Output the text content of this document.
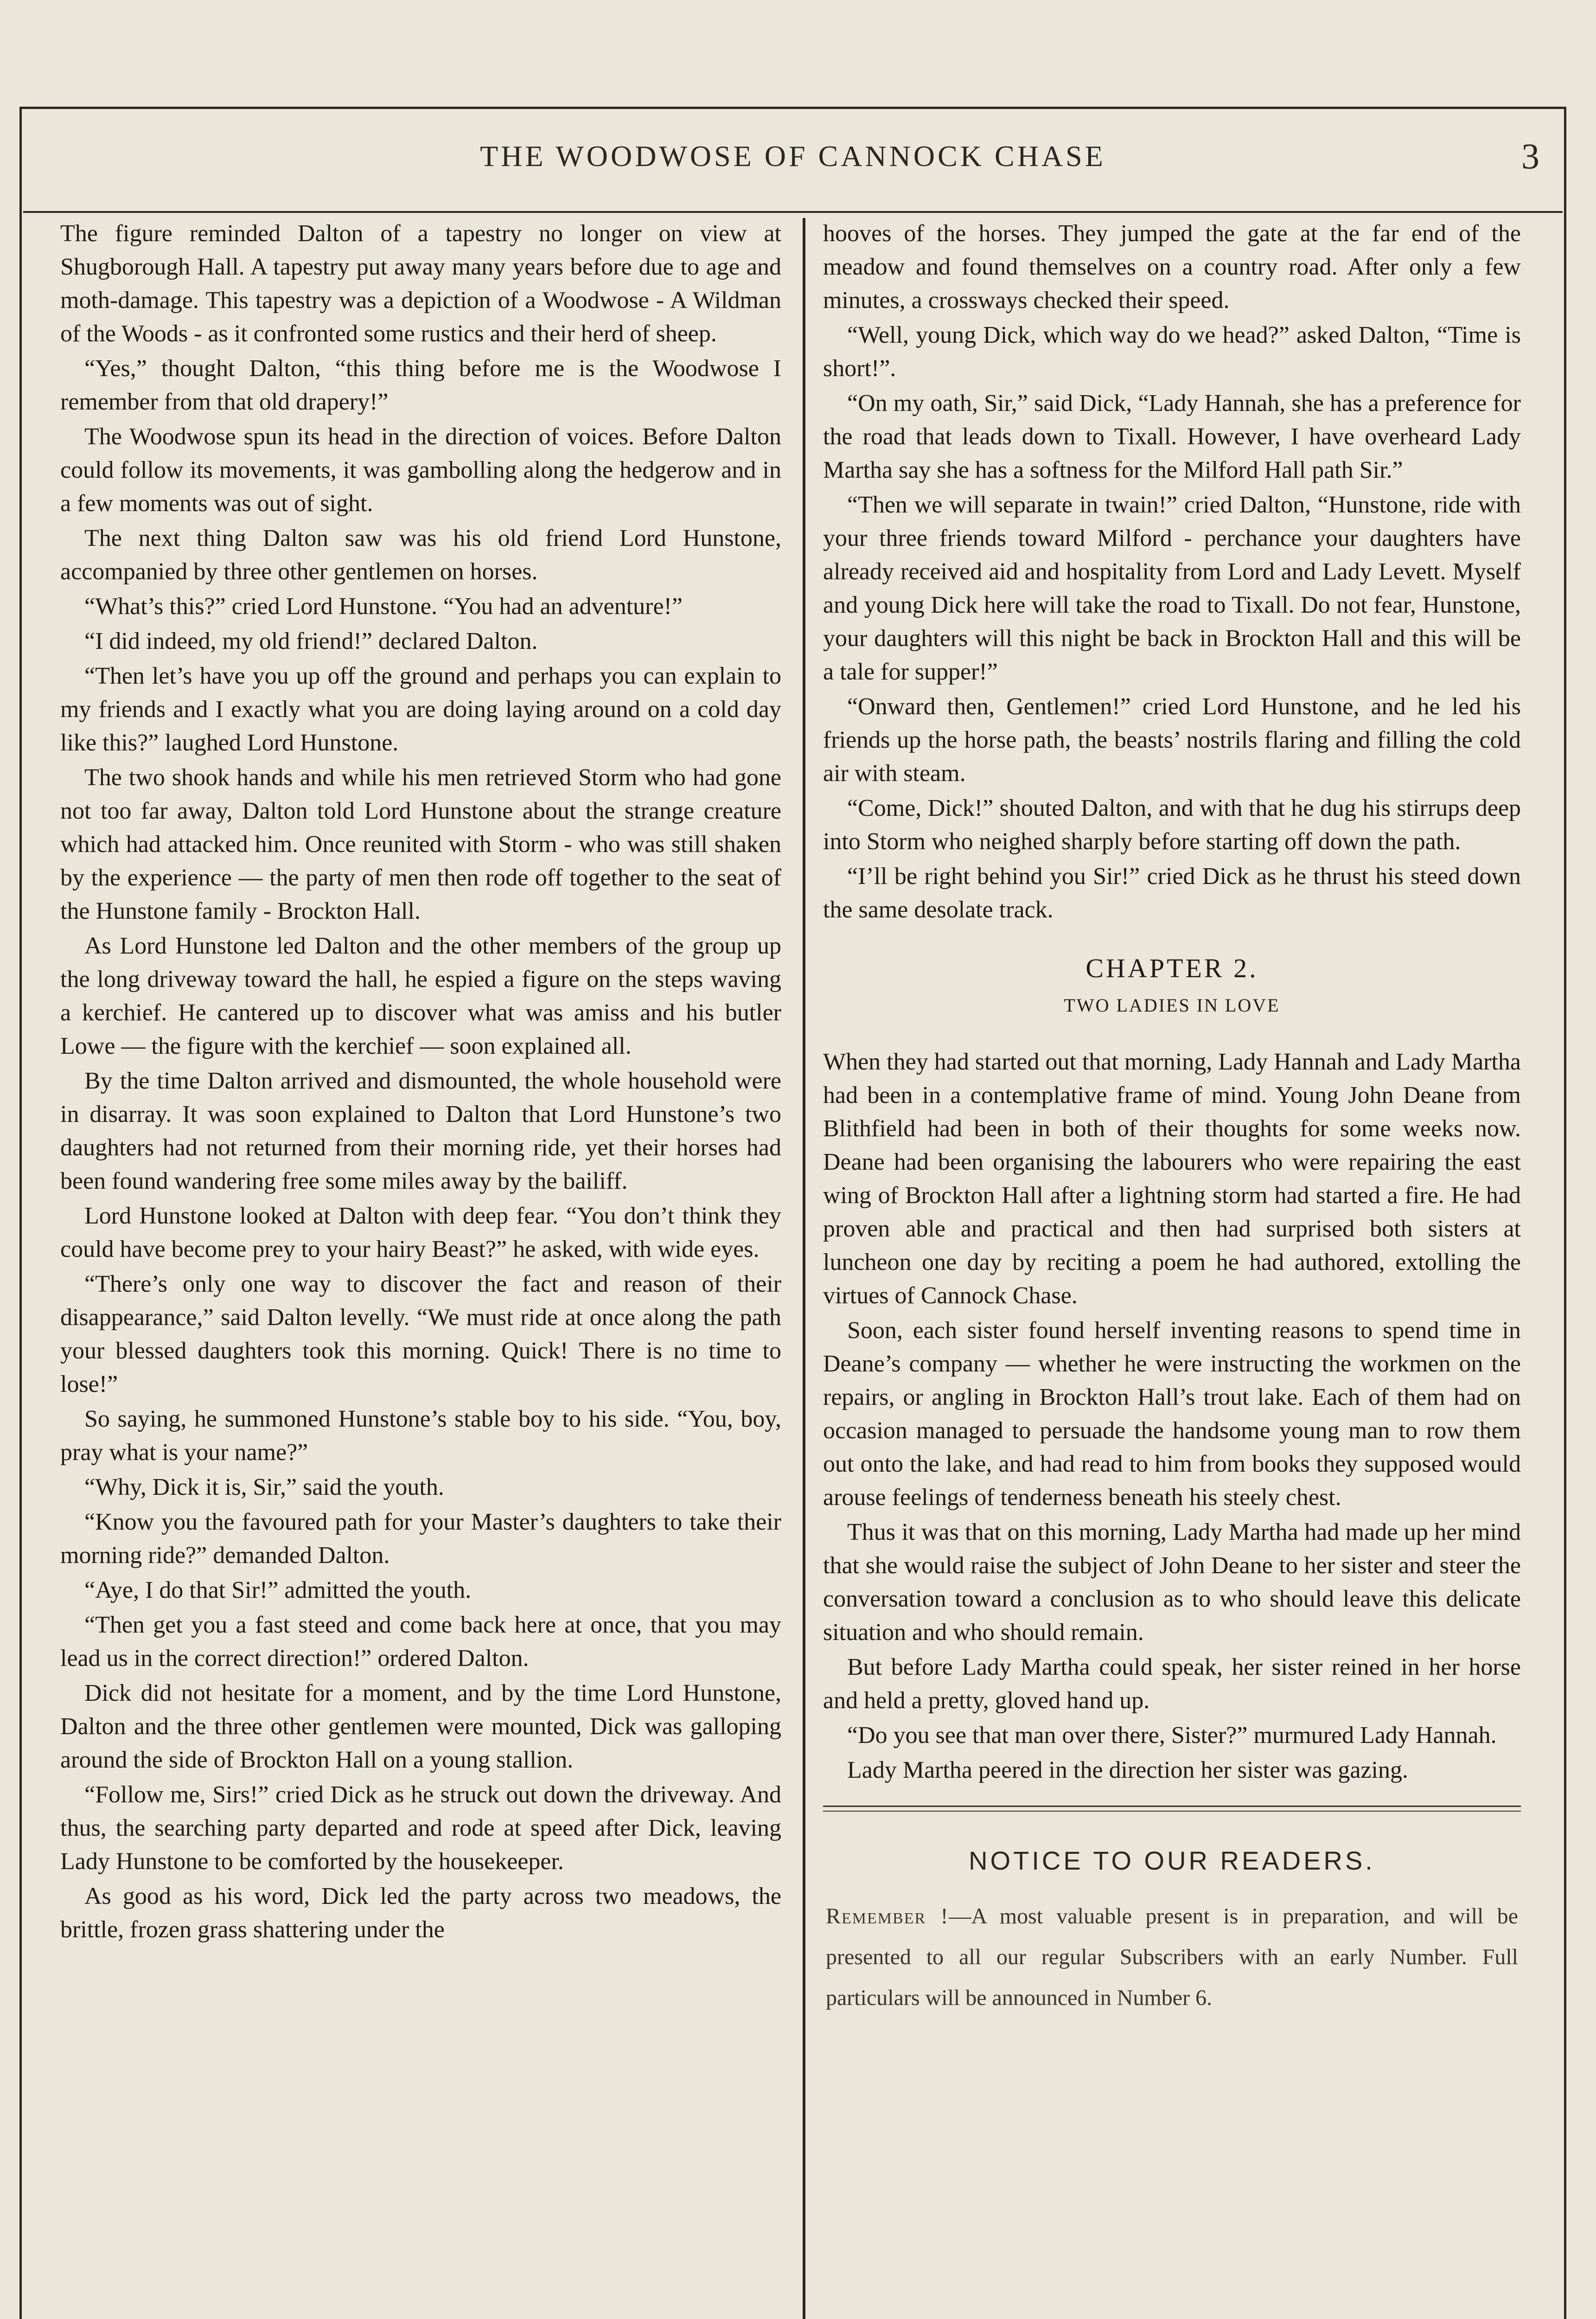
THE WOODWOSE OF CANNOCK CHASE	3

The figure reminded Dalton of a tapestry no longer on view at Shugborough Hall. A tapestry put away many years before due to age and moth-damage. This tapestry was a depiction of a Woodwose - A Wildman of the Woods - as it confronted some rustics and their herd of sheep.

“Yes,” thought Dalton, “this thing before me is the Woodwose I remember from that old drapery!”

The Woodwose spun its head in the direction of voices. Before Dalton could follow its movements, it was gambolling along the hedgerow and in a few moments was out of sight.

The next thing Dalton saw was his old friend Lord Hunstone, accompanied by three other gentlemen on horses.

“What’s this?” cried Lord Hunstone. “You had an adventure!”

“I did indeed, my old friend!” declared Dalton.

“Then let’s have you up off the ground and perhaps you can explain to my friends and I exactly what you are doing laying around on a cold day like this?” laughed Lord Hunstone.

The two shook hands and while his men retrieved Storm who had gone not too far away, Dalton told Lord Hunstone about the strange creature which had attacked him. Once reunited with Storm - who was still shaken by the experience — the party of men then rode off together to the seat of the Hunstone family - Brockton Hall.

As Lord Hunstone led Dalton and the other members of the group up the long driveway toward the hall, he espied a figure on the steps waving a kerchief. He cantered up to discover what was amiss and his butler Lowe — the figure with the kerchief — soon explained all.

By the time Dalton arrived and dismounted, the whole household were in disarray. It was soon explained to Dalton that Lord Hunstone’s two daughters had not returned from their morning ride, yet their horses had been found wandering free some miles away by the bailiff.

Lord Hunstone looked at Dalton with deep fear. “You don’t think they could have become prey to your hairy Beast?” he asked, with wide eyes.

“There’s only one way to discover the fact and reason of their disappearance,” said Dalton levelly. “We must ride at once along the path your blessed daughters took this morning. Quick! There is no time to lose!”

So saying, he summoned Hunstone’s stable boy to his side. “You, boy, pray what is your name?”

“Why, Dick it is, Sir,” said the youth.

“Know you the favoured path for your Master’s daughters to take their morning ride?” demanded Dalton.

“Aye, I do that Sir!” admitted the youth.

“Then get you a fast steed and come back here at once, that you may lead us in the correct direction!” ordered Dalton.

Dick did not hesitate for a moment, and by the time Lord Hunstone, Dalton and the three other gentlemen were mounted, Dick was galloping around the side of Brockton Hall on a young stallion.

“Follow me, Sirs!” cried Dick as he struck out down the driveway. And thus, the searching party departed and rode at speed after Dick, leaving Lady Hunstone to be comforted by the housekeeper.

As good as his word, Dick led the party across two meadows, the brittle, frozen grass shattering under the

hooves of the horses. They jumped the gate at the far end of the meadow and found themselves on a country road. After only a few minutes, a crossways checked their speed.

“Well, young Dick, which way do we head?” asked Dalton, “Time is short!”.

“On my oath, Sir,” said Dick, “Lady Hannah, she has a preference for the road that leads down to Tixall. However, I have overheard Lady Martha say she has a softness for the Milford Hall path Sir.”

“Then we will separate in twain!” cried Dalton, “Hunstone, ride with your three friends toward Milford - perchance your daughters have already received aid and hospitality from Lord and Lady Levett. Myself and young Dick here will take the road to Tixall. Do not fear, Hunstone, your daughters will this night be back in Brockton Hall and this will be a tale for supper!”

“Onward then, Gentlemen!” cried Lord Hunstone, and he led his friends up the horse path, the beasts’ nostrils flaring and filling the cold air with steam.

“Come, Dick!” shouted Dalton, and with that he dug his stirrups deep into Storm who neighed sharply before starting off down the path.

“I’ll be right behind you Sir!” cried Dick as he thrust his steed down the same desolate track.

CHAPTER 2.
TWO LADIES IN LOVE

When they had started out that morning, Lady Hannah and Lady Martha had been in a contemplative frame of mind. Young John Deane from Blithfield had been in both of their thoughts for some weeks now. Deane had been organising the labourers who were repairing the east wing of Brockton Hall after a lightning storm had started a fire. He had proven able and practical and then had surprised both sisters at luncheon one day by reciting a poem he had authored, extolling the virtues of Cannock Chase.

Soon, each sister found herself inventing reasons to spend time in Deane’s company — whether he were instructing the workmen on the repairs, or angling in Brockton Hall’s trout lake. Each of them had on occasion managed to persuade the handsome young man to row them out onto the lake, and had read to him from books they supposed would arouse feelings of tenderness beneath his steely chest.

Thus it was that on this morning, Lady Martha had made up her mind that she would raise the subject of John Deane to her sister and steer the conversation toward a conclusion as to who should leave this delicate situation and who should remain.

But before Lady Martha could speak, her sister reined in her horse and held a pretty, gloved hand up.

“Do you see that man over there, Sister?” murmured Lady Hannah.

Lady Martha peered in the direction her sister was gazing.

NOTICE TO OUR READERS.
Remember !—A most valuable present is in preparation, and will be presented to all our regular Subscribers with an early Number. Full particulars will be announced in Number 6.
